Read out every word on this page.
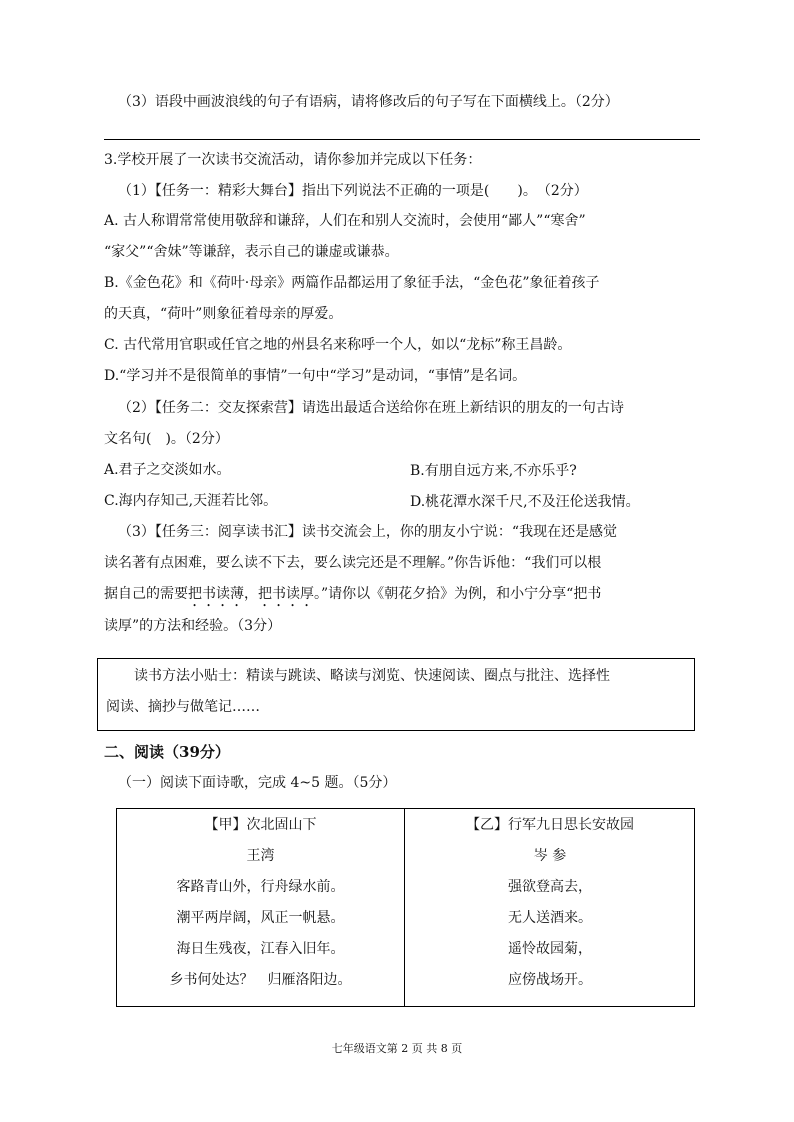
（3）语段中画波浪线的句子有语病，请将修改后的句子写在下面横线上。（2分）
3.学校开展了一次读书交流活动，请你参加并完成以下任务：
（1）【任务一：精彩大舞台】指出下列说法不正确的一项是(　　)。　（2分）
A. 古人称谓常常使用敬辞和谦辞，人们在和别人交流时，会使用“鄙人”“寒舍”
“家父”“舍妹”等谦辞，表示自己的谦虚或谦恭。
B.《金色花》和《荷叶·母亲》两篇作品都运用了象征手法，“金色花”象征着孩子
的天真，“荷叶”则象征着母亲的厚爱。
C. 古代常用官职或任官之地的州县名来称呼一个人，如以“龙标”称王昌龄。
D.“学习并不是很简单的事情”一句中“学习”是动词，“事情”是名词。
（2）【任务二：交友探索营】请选出最适合送给你在班上新结识的朋友的一句古诗
文名句(　)。（2分）
A.君子之交淡如水。	B.有朋自远方来,不亦乐乎?
C.海内存知己,天涯若比邻。	D.桃花潭水深千尺,不及汪伦送我情。
（3）【任务三：阅享读书汇】读书交流会上，你的朋友小宁说：“我现在还是感觉
读名著有点困难，要么读不下去，要么读完还是不理解。”你告诉他：“我们可以根
据自己的需要把书读薄，把书读厚。”请你以《朝花夕拾》为例，和小宁分享“把书
读厚”的方法和经验。（3分）
　　读书方法小贴士：精读与跳读、略读与浏览、快速阅读、圈点与批注、选择性
阅读、摘抄与做笔记……
二、阅读（39分）
（一）阅读下面诗歌，完成 4~5 题。（5分）
【甲】次北固山下
王湾
客路青山外，行舟绿水前。
潮平两岸阔，风正一帆悬。
海日生残夜，江春入旧年。
乡书何处达？　归雁洛阳边。
【乙】行军九日思长安故园
岑 参
强欲登高去，
无人送酒来。
遥怜故园菊，
应傍战场开。
七年级语文第 2 页 共 8 页
